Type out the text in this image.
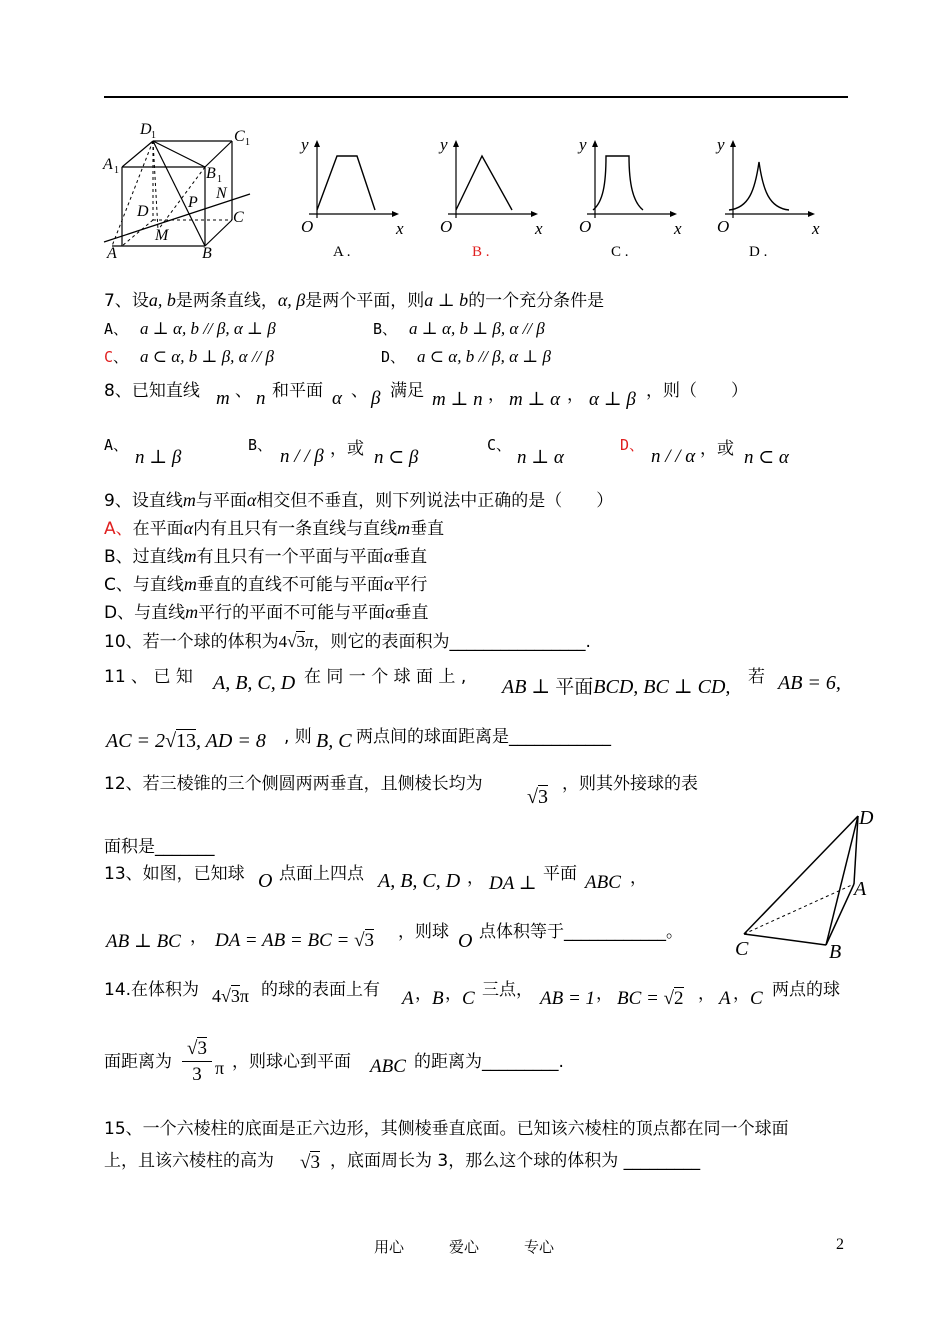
D 1	C 1
A 1	B 1
N
P
D	C
M
A	B
y
x
O
A .
y
x
O
B .
y
x
O
C .
y
x
O
D .
7、设a, b是两条直线，α, β是两个平面，则a ⊥ b的一个充分条件是
A、 a ⊥ α, b // β, α ⊥ β	B、 a ⊥ α, b ⊥ β, α // β
C、 a ⊂ α, b ⊥ β, α // β	D、 a ⊂ α, b // β, α ⊥ β
8、已知直线 m 、 n 和平面 α 、 β 满足 m ⊥ n ， m ⊥ α ， α ⊥ β ，则（　　）
A、
n ⊥ β
B、
n / / β ，或 n ⊂ β
C、
n ⊥ α
D、
n / / α ，或 n ⊂ α
9、设直线m与平面α相交但不垂直，则下列说法中正确的是（　　）
A、在平面α内有且只有一条直线与直线m垂直
B、过直线m有且只有一个平面与平面α垂直
C、与直线m垂直的直线不可能与平面α平行
D、与直线m平行的平面不可能与平面α垂直
10、若一个球的体积为4√3π，则它的表面积为________________.
11 、 已 知 A, B, C, D 在 同 一 个 球 面 上 , AB ⊥ 平面BCD, BC ⊥ CD, 若 AB = 6,
AC = 2√13, AD = 8 , 则 B, C 两点间的球面距离是____________
12、若三棱锥的三个侧圆两两垂直，且侧棱长均为
√3
，则其外接球的表
面积是_______
D
A
B
C
13、如图，已知球 O 点面上四点 A, B, C, D ， DA ⊥ 平面 ABC ，
AB ⊥ BC ， DA = AB = BC = √3 ，则球 O 点体积等于____________。
14.在体积为 4√3π 的球的表面上有 A ， B ， C 三点， AB = 1 ， BC = √2 ， A ， C 两点的球
面距离为
√3
3 π ，则球心到平面 ABC 的距离为_________.
15、一个六棱柱的底面是正六边形，其侧棱垂直底面。已知该六棱柱的顶点都在同一个球面
上，且该六棱柱的高为 √3 ，底面周长为 3，那么这个球的体积为 _________
用心　　　爱心　　　专心	2
